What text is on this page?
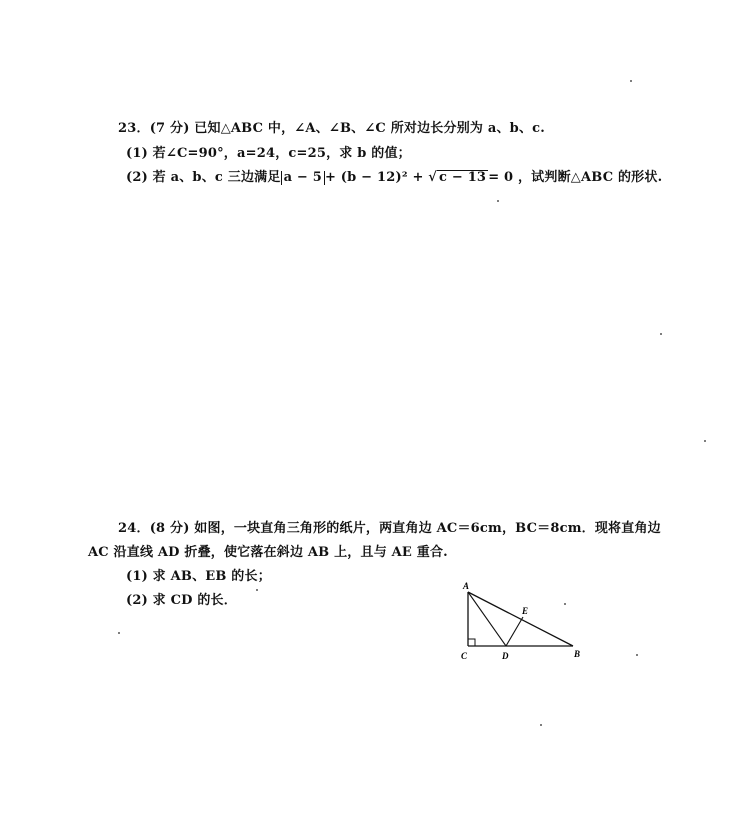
23．(7 分) 已知△ABC 中，∠A、∠B、∠C 所对边长分别为 a、b、c.
(1) 若∠C=90°，a=24，c=25，求 b 的值；
(2) 若 a、b、c 三边满足 a − 5 + (b − 12)² + √ c − 13 = 0 ，试判断△ABC 的形状.
24．(8 分) 如图，一块直角三角形的纸片，两直角边 AC＝6cm，BC＝8cm．现将直角边
AC 沿直线 AD 折叠，使它落在斜边 AB 上，且与 AE 重合.
(1) 求 AB、EB 的长；
(2) 求 CD 的长．
A
E
C	D	B
